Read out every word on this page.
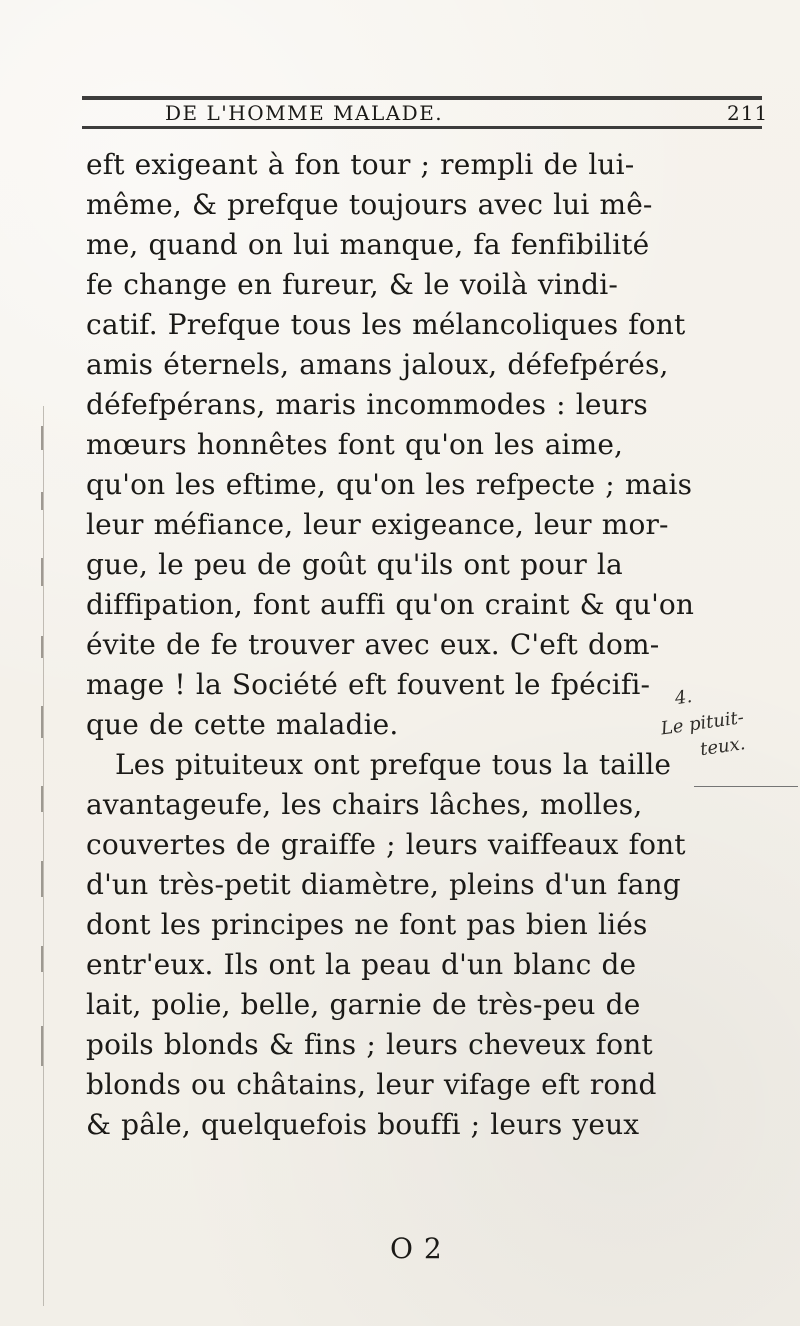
DE L'HOMME MALADE.	211
eft exigeant à fon tour ; rempli de lui-
même, & prefque toujours avec lui mê-
me, quand on lui manque, fa fenfibilité
fe change en fureur, & le voilà vindi-
catif. Prefque tous les mélancoliques font
amis éternels, amans jaloux, défefpérés,
défefpérans, maris incommodes : leurs
mœurs honnêtes font qu'on les aime,
qu'on les eftime, qu'on les refpecte ; mais
leur méfiance, leur exigeance, leur mor-
gue, le peu de goût qu'ils ont pour la
diffipation, font auffi qu'on craint & qu'on
évite de fe trouver avec eux. C'eft dom-
mage ! la Société eft fouvent le fpécifi-
que de cette maladie.
Les pituiteux ont prefque tous la taille
avantageufe, les chairs lâches, molles,
couvertes de graiffe ; leurs vaiffeaux font
d'un très-petit diamètre, pleins d'un fang
dont les principes ne font pas bien liés
entr'eux. Ils ont la peau d'un blanc de
lait, polie, belle, garnie de très-peu de
poils blonds & fins ; leurs cheveux font
blonds ou châtains, leur vifage eft rond
& pâle, quelquefois bouffi ; leurs yeux
O 2
4.
Le pituit-
teux.
